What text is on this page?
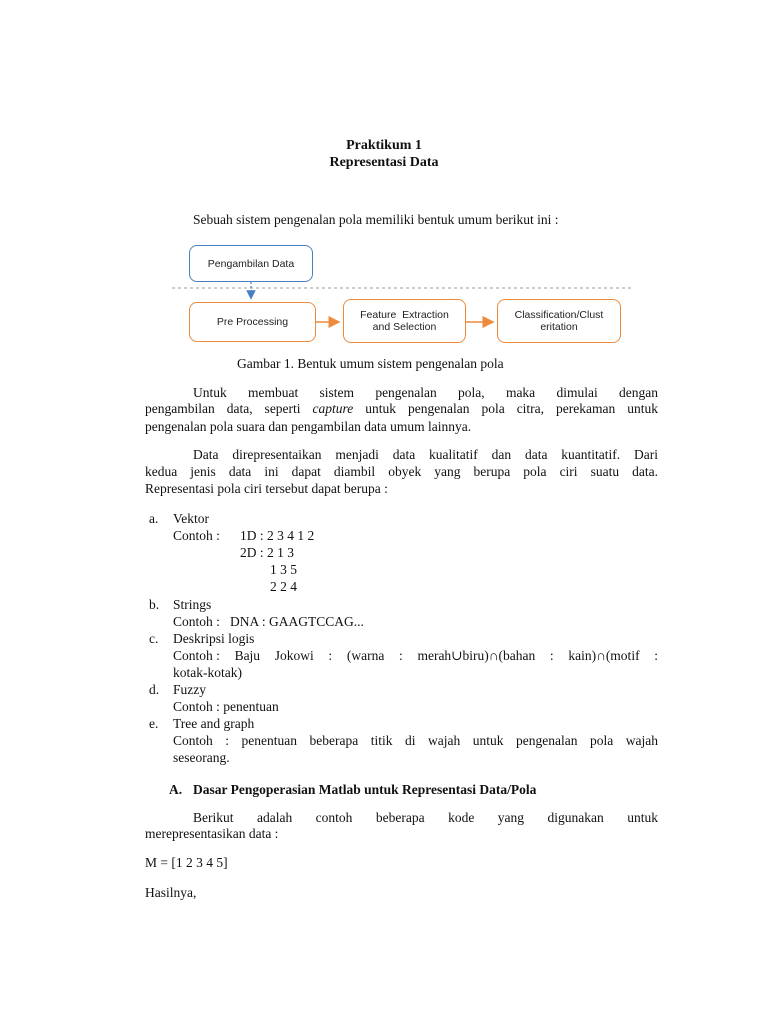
Praktikum 1
Representasi Data
Sebuah sistem pengenalan pola memiliki bentuk umum berikut ini :
Pengambilan Data
Pre Processing
Feature  Extraction
and Selection
Classification/Clust
eritation
Gambar 1. Bentuk umum sistem pengenalan pola
Untuk membuat sistem pengenalan pola, maka dimulai dengan
pengambilan data, seperti capture untuk pengenalan pola citra, perekaman untuk
pengenalan pola suara dan pengambilan data umum lainnya.
Data direpresentaikan menjadi data kualitatif dan data kuantitatif. Dari
kedua jenis data ini dapat diambil obyek yang berupa pola ciri suatu data.
Representasi pola ciri tersebut dapat berupa :
a. Vektor
Contoh : 1D : 2 3 4 1 2
2D : 2 1 3
1 3 5
2 2 4
b. Strings
Contoh :   DNA : GAAGTCCAG...
c. Deskripsi logis
Contoh : Baju Jokowi : (warna : merah∪biru)∩(bahan : kain)∩(motif :
kotak-kotak)
d. Fuzzy
Contoh : penentuan
e. Tree and graph
Contoh : penentuan beberapa titik di wajah untuk pengenalan pola wajah
seseorang.
A. Dasar Pengoperasian Matlab untuk Representasi Data/Pola
Berikut adalah contoh beberapa kode yang digunakan untuk
merepresentasikan data :
M = [1 2 3 4 5]
Hasilnya,
